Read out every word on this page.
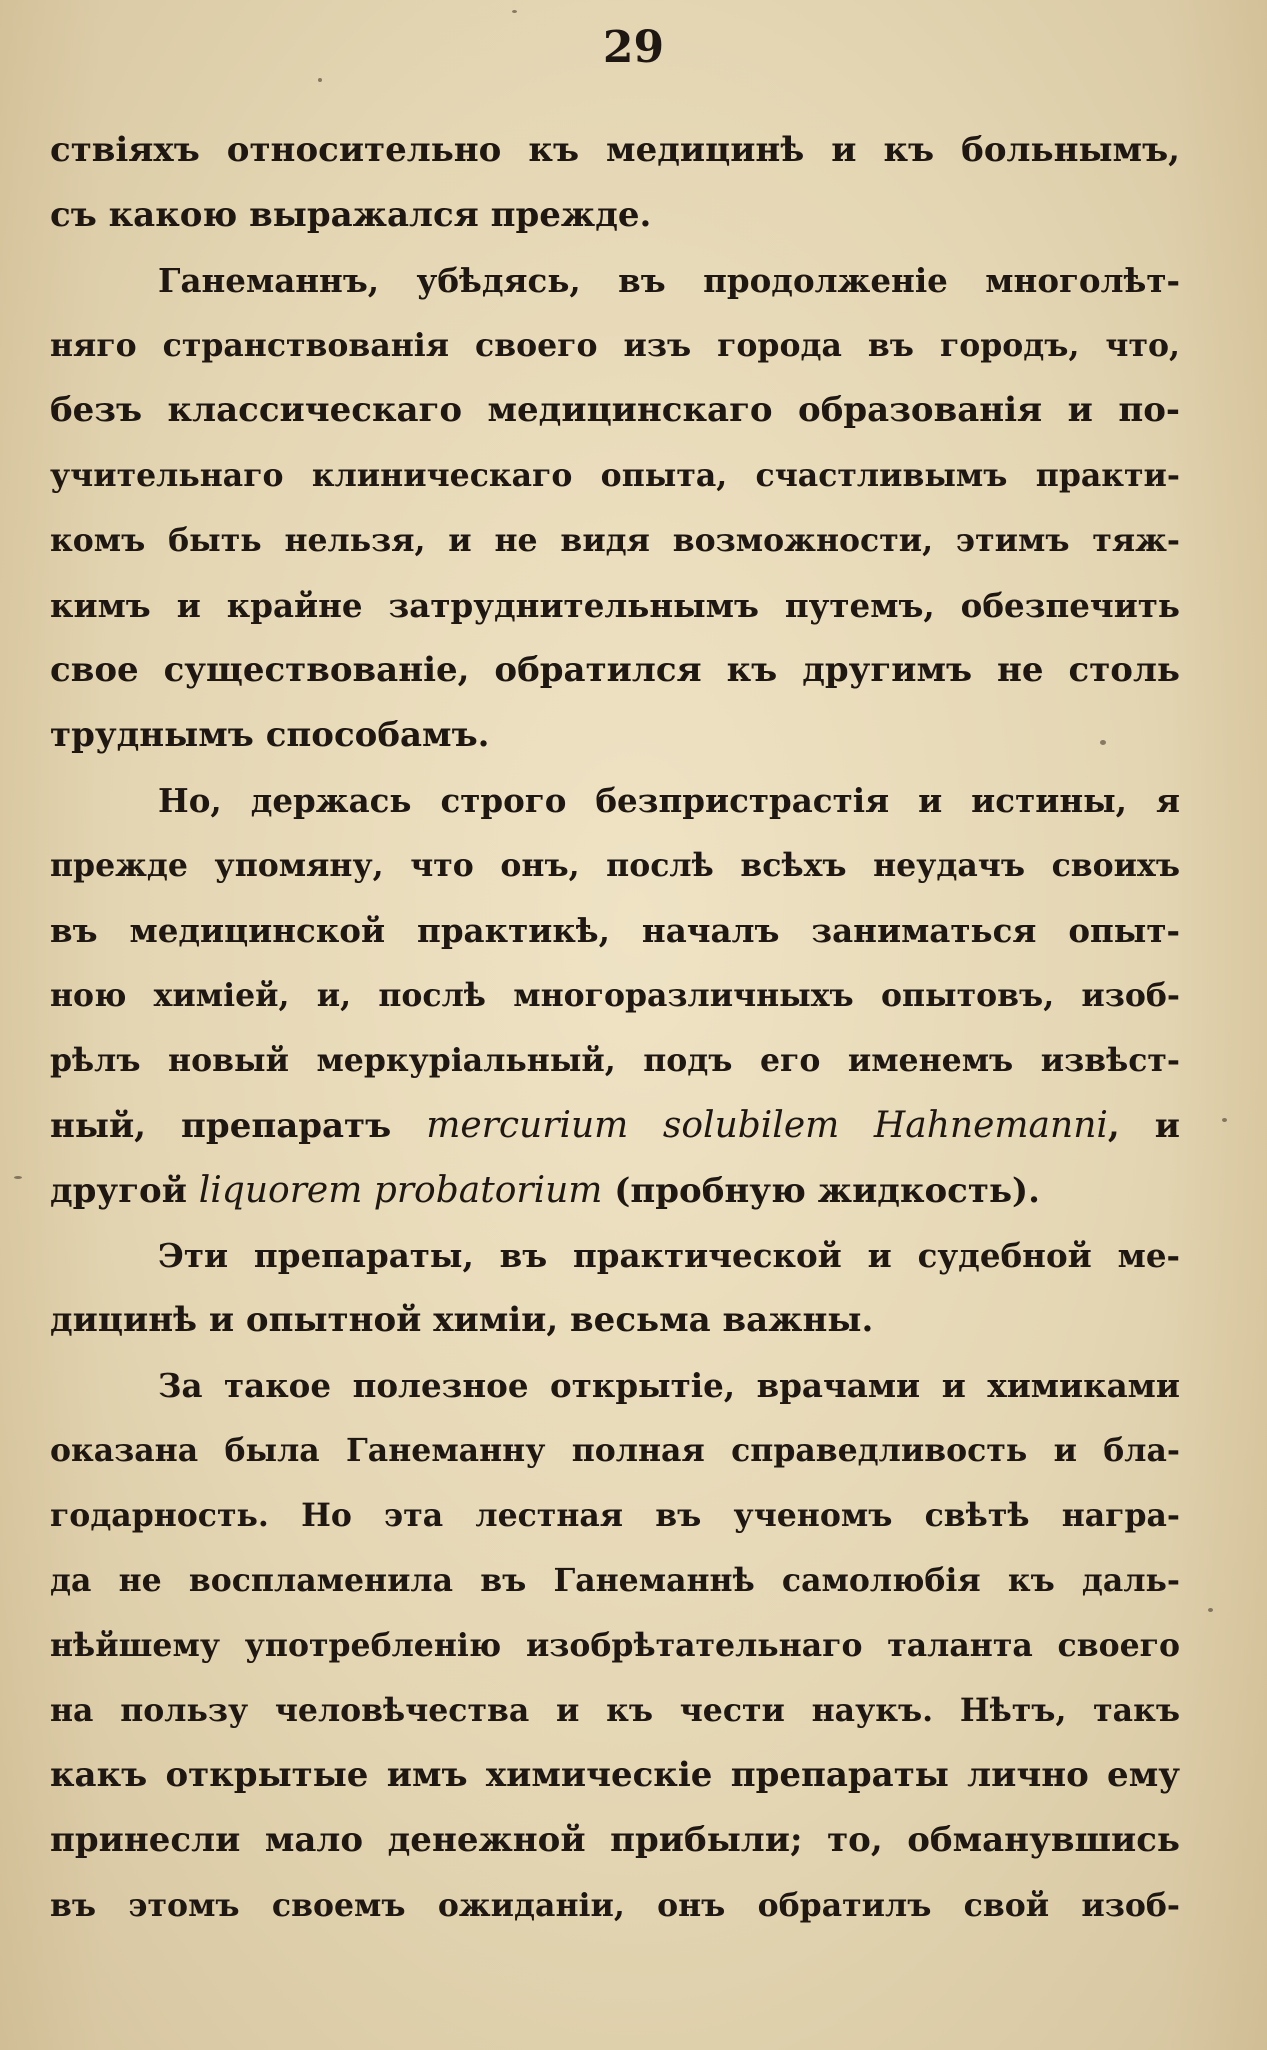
29
ствіяхъ относительно къ медицинѣ и къ больнымъ,
съ какою выражался прежде.
Ганеманнъ, убѣдясь, въ продолженіе многолѣт-
няго странствованія своего изъ города въ городъ, что,
безъ классическаго медицинскаго образованія и по-
учительнаго клиническаго опыта, счастливымъ практи-
комъ быть нельзя, и не видя возможности, этимъ тяж-
кимъ и крайне затруднительнымъ путемъ, обезпечить
свое существованіе, обратился къ другимъ не столь
труднымъ способамъ.
Но, держась строго безпристрастія и истины, я
прежде упомяну, что онъ, послѣ всѣхъ неудачъ своихъ
въ медицинской практикѣ, началъ заниматься опыт-
ною химіей, и, послѣ многоразличныхъ опытовъ, изоб-
рѣлъ новый меркуріальный, подъ его именемъ извѣст-
ный, препаратъ mercurium solubilem Hahnemanni, и
другой liquorem probatorium (пробную жидкость).
Эти препараты, въ практической и судебной ме-
дицинѣ и опытной химіи, весьма важны.
За такое полезное открытіе, врачами и химиками
оказана была Ганеманну полная справедливость и бла-
годарность. Но эта лестная въ ученомъ свѣтѣ награ-
да не воспламенила въ Ганеманнѣ самолюбія къ даль-
нѣйшему употребленію изобрѣтательнаго таланта своего
на пользу человѣчества и къ чести наукъ. Нѣтъ, такъ
какъ открытые имъ химическіе препараты лично ему
принесли мало денежной прибыли; то, обманувшись
въ этомъ своемъ ожиданіи, онъ обратилъ свой изоб-
